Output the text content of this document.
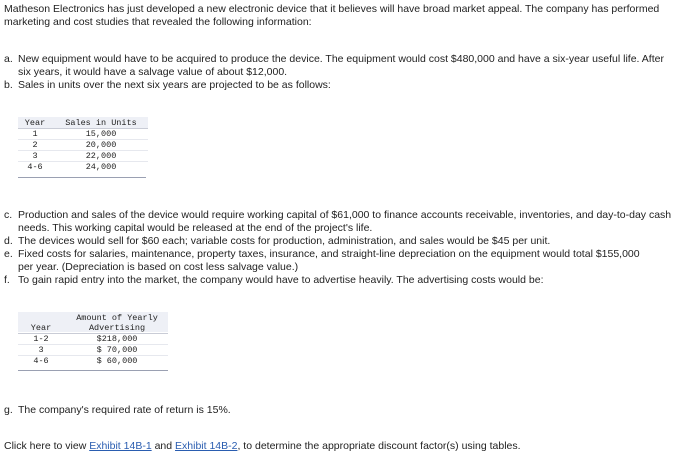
Matheson Electronics has just developed a new electronic device that it believes will have broad market appeal. The company has performed marketing and cost studies that revealed the following information:
a. New equipment would have to be acquired to produce the device. The equipment would cost $480,000 and have a six-year useful life. After six years, it would have a salvage value of about $12,000.
b. Sales in units over the next six years are projected to be as follows:
Year	Sales in Units
1	15,000
2	20,000
3	22,000
4-6	24,000
c. Production and sales of the device would require working capital of $61,000 to finance accounts receivable, inventories, and day-to-day cash needs. This working capital would be released at the end of the project's life.
d. The devices would sell for $60 each; variable costs for production, administration, and sales would be $45 per unit.
e. Fixed costs for salaries, maintenance, property taxes, insurance, and straight-line depreciation on the equipment would total $155,000 per year. (Depreciation is based on cost less salvage value.)
f. To gain rapid entry into the market, the company would have to advertise heavily. The advertising costs would be:
Year
Amount of Yearly
Advertising
1-2	$218,000
3	$ 70,000
4-6	$ 60,000
g. The company's required rate of return is 15%.
Click here to view Exhibit 14B-1 and Exhibit 14B-2, to determine the appropriate discount factor(s) using tables.
